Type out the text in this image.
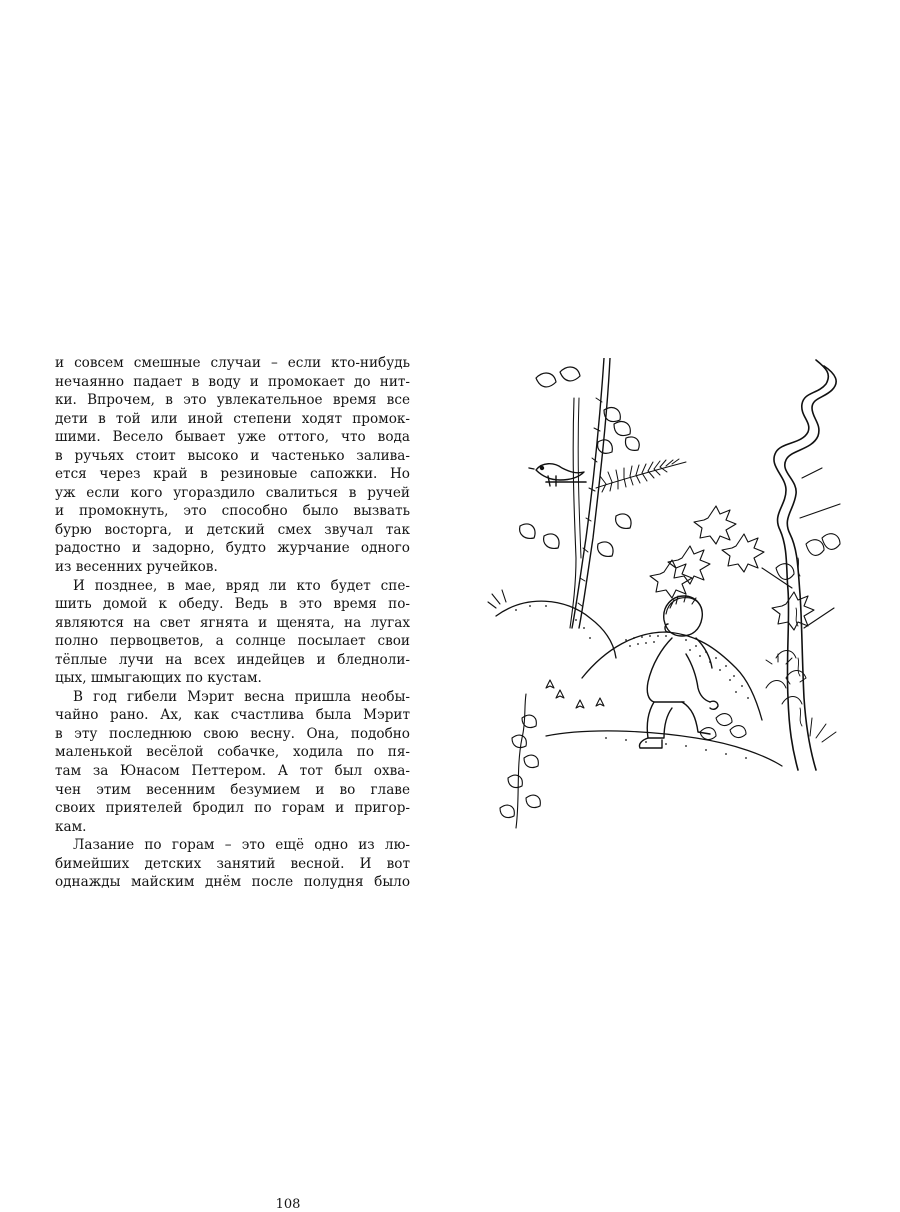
и совсем смешные случаи – если кто-нибудь
нечаянно падает в воду и промокает до нит-
ки. Впрочем, в это увлекательное время все
дети в той или иной степени ходят промок-
шими. Весело бывает уже оттого, что вода
в ручьях стоит высоко и частенько залива-
ется через край в резиновые сапожки. Но
уж если кого угораздило свалиться в ручей
и промокнуть, это способно было вызвать
бурю восторга, и детский смех звучал так
радостно и задорно, будто журчание одного
из весенних ручейков.
И позднее, в мае, вряд ли кто будет спе-
шить домой к обеду. Ведь в это время по-
являются на свет ягнята и щенята, на лугах
полно первоцветов, а солнце посылает свои
тёплые лучи на всех индейцев и бледноли-
цых, шмыгающих по кустам.
В год гибели Мэрит весна пришла необы-
чайно рано. Ах, как счастлива была Мэрит
в эту последнюю свою весну. Она, подобно
маленькой весёлой собачке, ходила по пя-
там за Юнасом Петтером. А тот был охва-
чен этим весенним безумием и во главе
своих приятелей бродил по горам и пригор-
кам.
Лазание по горам – это ещё одно из лю-
бимейших детских занятий весной. И вот
однажды майским днём после полудня было
108
